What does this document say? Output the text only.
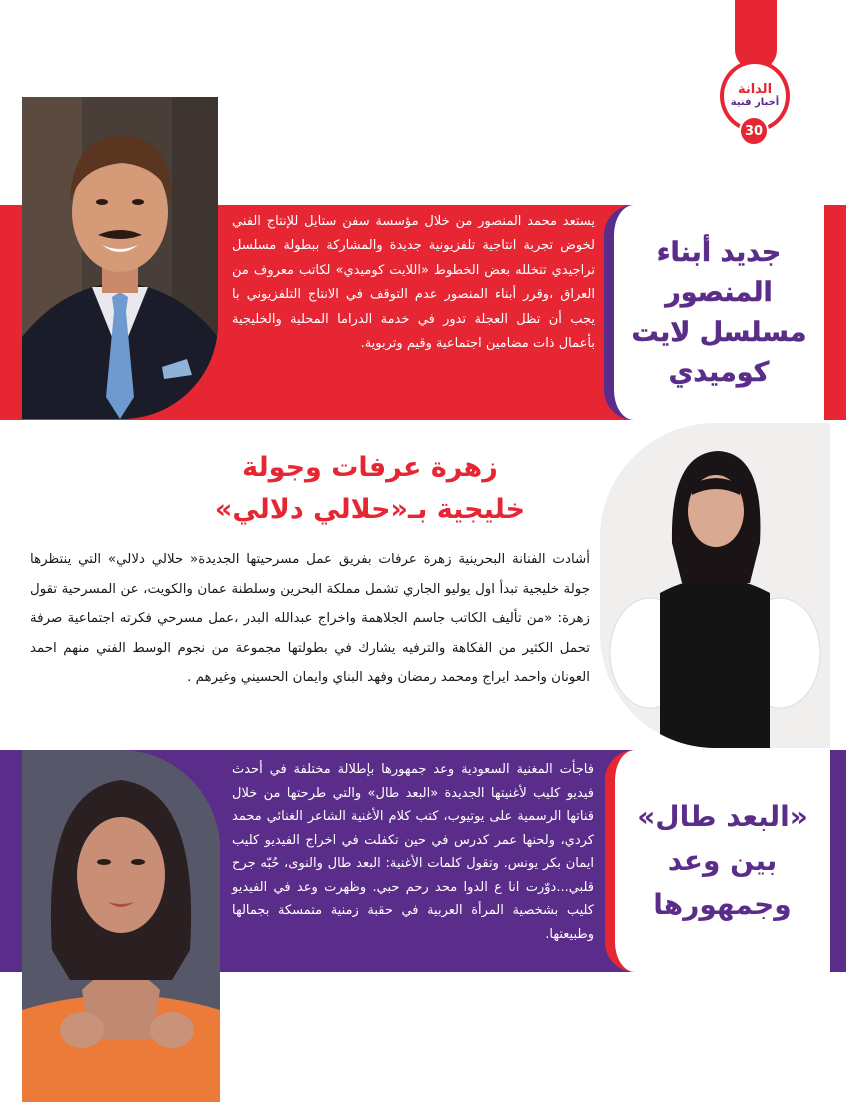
الدانة
أخبار فنية
30
يستعد محمد المنصور من خلال مؤسسة سفن ستايل للإنتاج الفني لخوض تجربة انتاجية تلفزيونية جديدة والمشاركة ببطولة مسلسل تراجيدي تتخلله بعض الخطوط «اللايت كوميدي» لكاتب معروف من العراق ،وقرر أبناء المنصور عدم التوقف في الانتاج التلفزيوني با يجب أن تظل العجلة تدور في خدمة الدراما المحلية والخليجية بأعمال ذات مضامين اجتماعية وقيم وتربوية.
جديد أبناء المنصور مسلسل لايت كوميدي
زهرة عرفات وجولة
خليجية بـ«حلالي دلالي»
أشادت الفنانة البحرينية زهرة عرفات بفريق عمل مسرحيتها الجديدة« حلالي دلالي» التي ينتظرها جولة خليجية تبدأ اول يوليو الجاري تشمل مملكة البحرين وسلطنة عمان والكويت، عن المسرحية تقول زهرة: «من تأليف الكاتب جاسم الجلاهمة واخراج عبدالله البدر ،عمل مسرحي فكرته اجتماعية صرفة تحمل الكثير من الفكاهة والترفيه يشارك في بطولتها مجموعة من نجوم الوسط الفني منهم احمد العونان واحمد ايراج ومحمد رمضان وفهد البناي وايمان الحسيني وغيرهم .
فاجأت المغنية السعودية وعد جمهورها بإطلالة مختلفة في أحدث فيديو كليب لأغنيتها الجديدة «البعد طال» والتي طرحتها من خلال قناتها الرسمية على يوتيوب، كتب كلام الأغنية الشاعر الغنائي محمد كردي، ولحنها عمر كدرس في حين تكفلت في اخراج الفيديو كليب ايمان بكر يونس. وتقول كلمات الأغنية: البعد طال والنوى، حُبّه جرح قلبي...دوّرت انا ع الدوا محد رحم حبي. وظهرت وعد في الفيديو كليب بشخصية المرأة العربية في حقبة زمنية متمسكة بجمالها وطبيعتها.
«البعد طال» بين وعد وجمهورها
